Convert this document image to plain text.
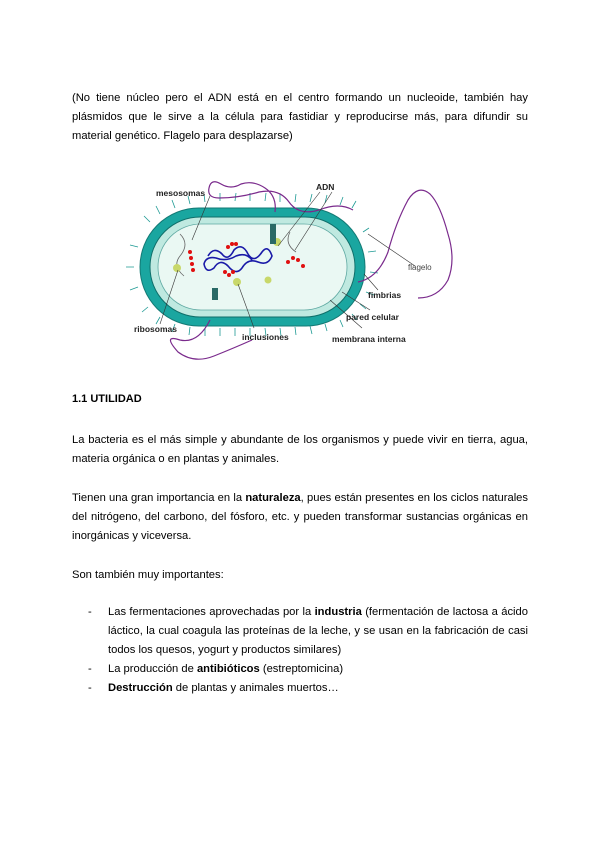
(No tiene núcleo pero el ADN está en el centro formando un nucleoide, también hay plásmidos que le sirve a la célula para fastidiar y reproducirse más, para difundir su material genético. Flagelo para desplazarse)

mesosomas
ADN
flagelo
fimbrias
pared celular
membrana interna
inclusiones
ribosomas

1.1 UTILIDAD

La bacteria es el más simple y abundante de los organismos y puede vivir en tierra, agua, materia orgánica o en plantas y animales.

Tienen una gran importancia en la naturaleza, pues están presentes en los ciclos naturales del nitrógeno, del carbono, del fósforo, etc. y pueden transformar sustancias orgánicas en inorgánicas y viceversa.

Son también muy importantes:

- Las fermentaciones aprovechadas por la industria (fermentación de lactosa a ácido láctico, la cual coagula las proteínas de la leche, y se usan en la fabricación de casi todos los quesos, yogurt y productos similares)
- La producción de antibióticos (estreptomicina)
- Destrucción de plantas y animales muertos…
